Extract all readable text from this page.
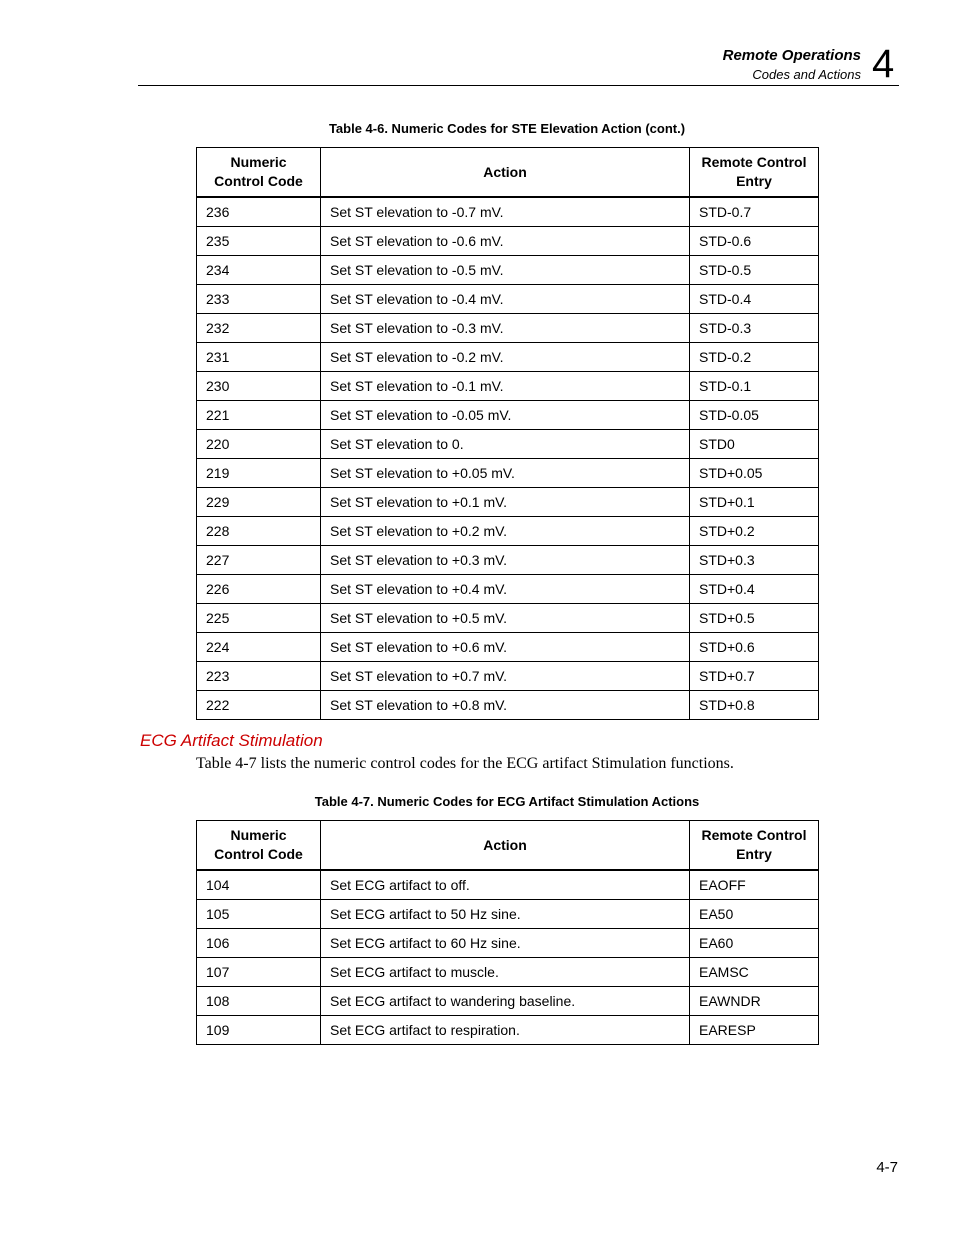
Remote Operations
Codes and Actions 4
Table 4-6. Numeric Codes for STE Elevation Action (cont.)
Numeric
Control Code	Action	Remote Control
Entry
236	Set ST elevation to -0.7 mV.	STD-0.7
235	Set ST elevation to -0.6 mV.	STD-0.6
234	Set ST elevation to -0.5 mV.	STD-0.5
233	Set ST elevation to -0.4 mV.	STD-0.4
232	Set ST elevation to -0.3 mV.	STD-0.3
231	Set ST elevation to -0.2 mV.	STD-0.2
230	Set ST elevation to -0.1 mV.	STD-0.1
221	Set ST elevation to -0.05 mV.	STD-0.05
220	Set ST elevation to 0.	STD0
219	Set ST elevation to +0.05 mV.	STD+0.05
229	Set ST elevation to +0.1 mV.	STD+0.1
228	Set ST elevation to +0.2 mV.	STD+0.2
227	Set ST elevation to +0.3 mV.	STD+0.3
226	Set ST elevation to +0.4 mV.	STD+0.4
225	Set ST elevation to +0.5 mV.	STD+0.5
224	Set ST elevation to +0.6 mV.	STD+0.6
223	Set ST elevation to +0.7 mV.	STD+0.7
222	Set ST elevation to +0.8 mV.	STD+0.8
ECG Artifact Stimulation
Table 4-7 lists the numeric control codes for the ECG artifact Stimulation functions.
Table 4-7. Numeric Codes for ECG Artifact Stimulation Actions
Numeric
Control Code	Action	Remote Control
Entry
104	Set ECG artifact to off.	EAOFF
105	Set ECG artifact to 50 Hz sine.	EA50
106	Set ECG artifact to 60 Hz sine.	EA60
107	Set ECG artifact to muscle.	EAMSC
108	Set ECG artifact to wandering baseline.	EAWNDR
109	Set ECG artifact to respiration.	EARESP
4-7
